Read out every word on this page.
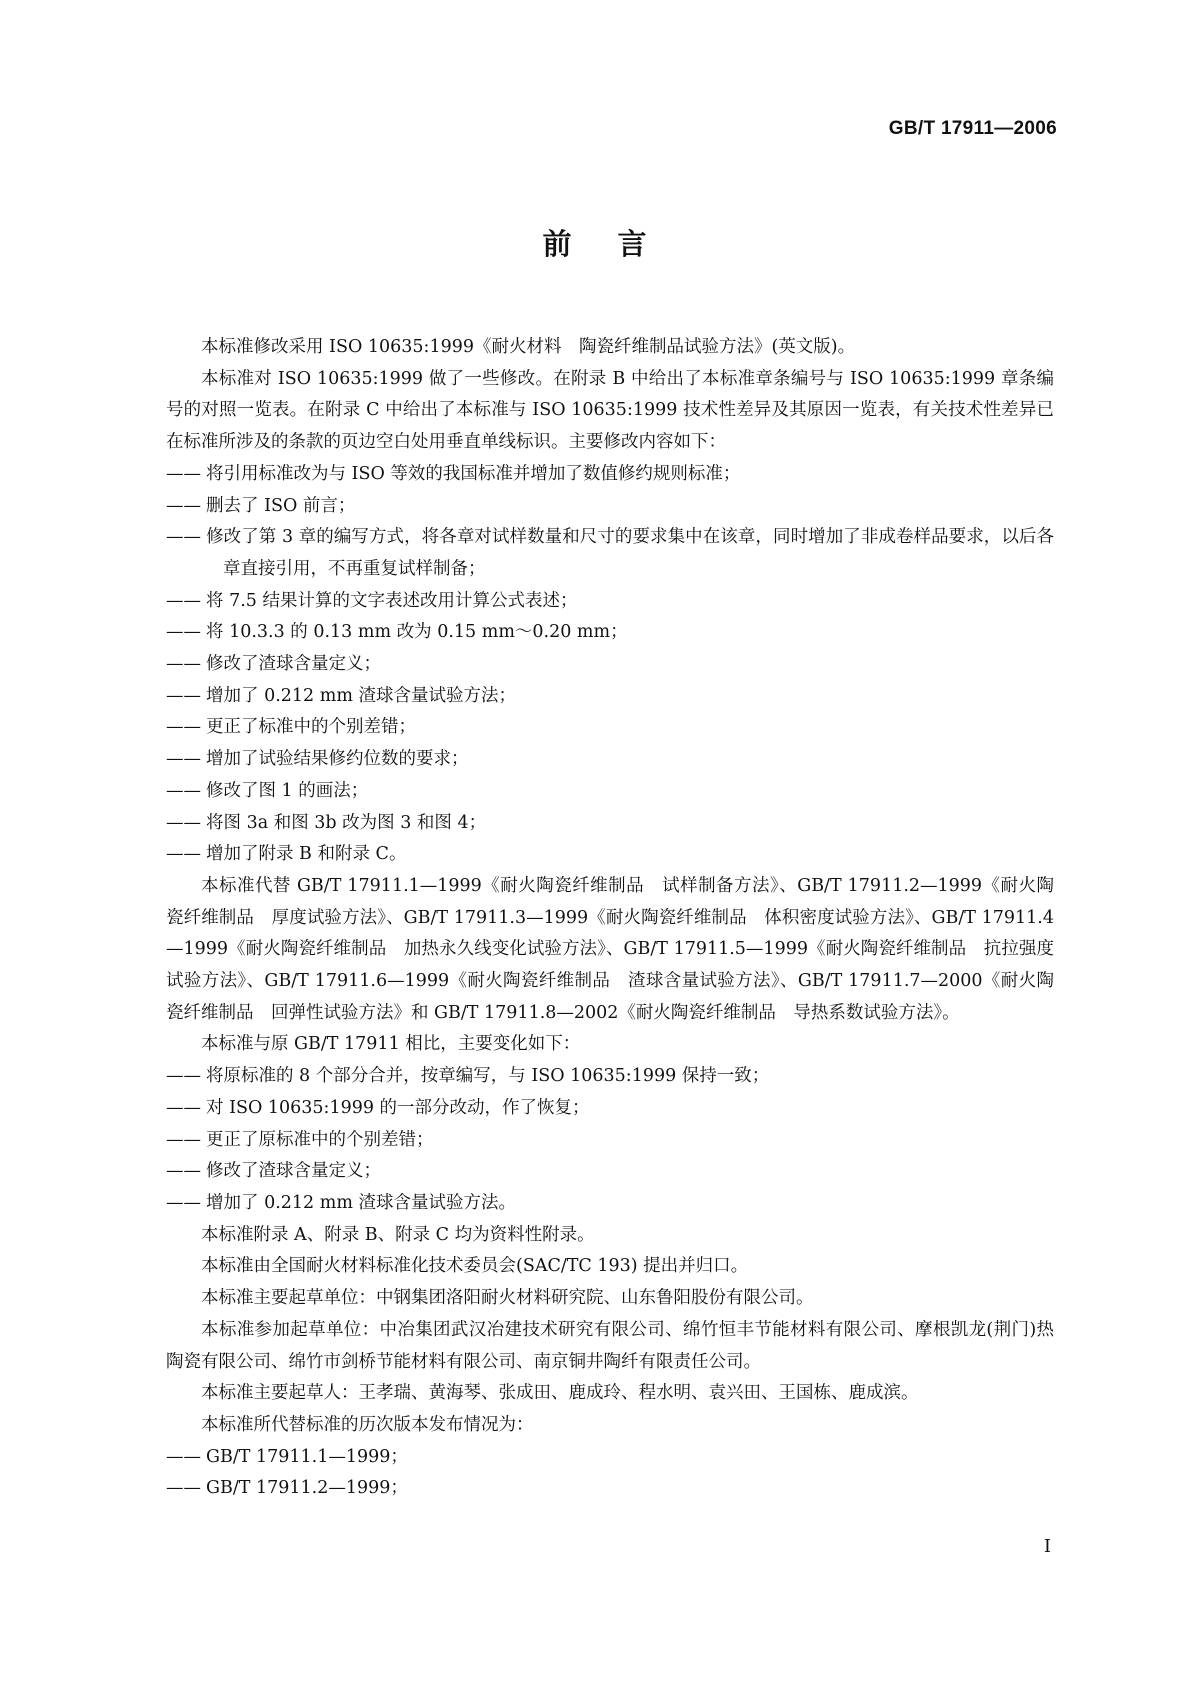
GB/T 17911—2006
前 言

本标准修改采用 ISO 10635:1999《耐火材料　陶瓷纤维制品试验方法》(英文版)。

本标准对 ISO 10635:1999 做了一些修改。在附录 B 中给出了本标准章条编号与 ISO 10635:1999 章条编号的对照一览表。在附录 C 中给出了本标准与 ISO 10635:1999 技术性差异及其原因一览表，有关技术性差异已在标准所涉及的条款的页边空白处用垂直单线标识。主要修改内容如下：

—— 将引用标准改为与 ISO 等效的我国标准并增加了数值修约规则标准；
—— 删去了 ISO 前言；
—— 修改了第 3 章的编写方式，将各章对试样数量和尺寸的要求集中在该章，同时增加了非成卷样品要求，以后各章直接引用，不再重复试样制备；
—— 将 7.5 结果计算的文字表述改用计算公式表述；
—— 将 10.3.3 的 0.13 mm 改为 0.15 mm～0.20 mm；
—— 修改了渣球含量定义；
—— 增加了 0.212 mm 渣球含量试验方法；
—— 更正了标准中的个别差错；
—— 增加了试验结果修约位数的要求；
—— 修改了图 1 的画法；
—— 将图 3a 和图 3b 改为图 3 和图 4；
—— 增加了附录 B 和附录 C。

本标准代替 GB/T 17911.1—1999《耐火陶瓷纤维制品　试样制备方法》、GB/T 17911.2—1999《耐火陶瓷纤维制品　厚度试验方法》、GB/T 17911.3—1999《耐火陶瓷纤维制品　体积密度试验方法》、GB/T 17911.4—1999《耐火陶瓷纤维制品　加热永久线变化试验方法》、GB/T 17911.5—1999《耐火陶瓷纤维制品　抗拉强度试验方法》、GB/T 17911.6—1999《耐火陶瓷纤维制品　渣球含量试验方法》、GB/T 17911.7—2000《耐火陶瓷纤维制品　回弹性试验方法》和 GB/T 17911.8—2002《耐火陶瓷纤维制品　导热系数试验方法》。

本标准与原 GB/T 17911 相比，主要变化如下：

—— 将原标准的 8 个部分合并，按章编写，与 ISO 10635:1999 保持一致；
—— 对 ISO 10635:1999 的一部分改动，作了恢复；
—— 更正了原标准中的个别差错；
—— 修改了渣球含量定义；
—— 增加了 0.212 mm 渣球含量试验方法。

本标准附录 A、附录 B、附录 C 均为资料性附录。

本标准由全国耐火材料标准化技术委员会(SAC/TC 193) 提出并归口。

本标准主要起草单位：中钢集团洛阳耐火材料研究院、山东鲁阳股份有限公司。

本标准参加起草单位：中冶集团武汉冶建技术研究有限公司、绵竹恒丰节能材料有限公司、摩根凯龙(荆门)热陶瓷有限公司、绵竹市剑桥节能材料有限公司、南京铜井陶纤有限责任公司。

本标准主要起草人：王孝瑞、黄海琴、张成田、鹿成玲、程水明、袁兴田、王国栋、鹿成滨。

本标准所代替标准的历次版本发布情况为：

—— GB/T 17911.1—1999；
—— GB/T 17911.2—1999；
I
